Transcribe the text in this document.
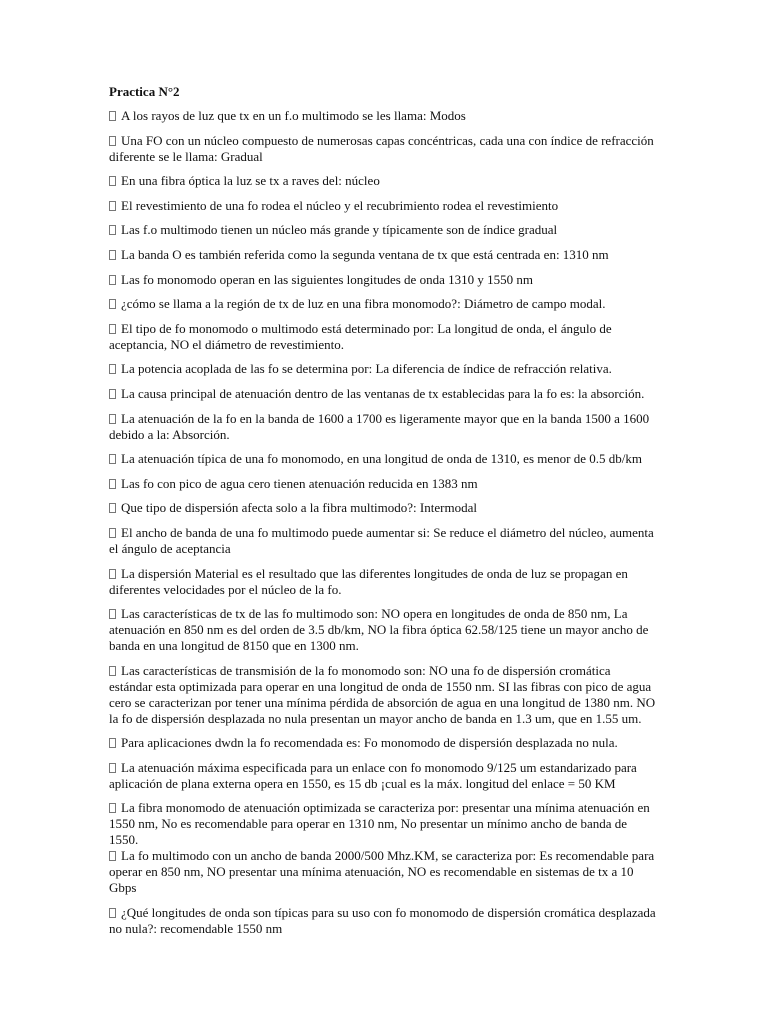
Practica N°2
A los rayos de luz que tx en un f.o multimodo se les llama: Modos
Una FO con un núcleo compuesto de numerosas capas concéntricas, cada una con índice de refracción diferente se le llama: Gradual
En una fibra óptica la luz se tx a raves del: núcleo
El revestimiento de una fo rodea el núcleo y el recubrimiento rodea el revestimiento
Las f.o multimodo tienen un núcleo más grande y típicamente son de índice gradual
La banda O es también referida como la segunda ventana de tx que está centrada en: 1310 nm
Las fo monomodo operan en las siguientes longitudes de onda 1310 y 1550 nm
¿cómo se llama a la región de tx de luz en una fibra monomodo?: Diámetro de campo modal.
El tipo de fo monomodo o multimodo está determinado por: La longitud de onda, el ángulo de aceptancia, NO el diámetro de revestimiento.
La potencia acoplada de las fo se determina por: La diferencia de índice de refracción relativa.
La causa principal de atenuación dentro de las ventanas de tx establecidas para la fo es: la absorción.
La atenuación de la fo en la banda de 1600 a 1700 es ligeramente mayor que en la banda 1500 a 1600 debido a la: Absorción.
La atenuación típica de una fo monomodo, en una longitud de onda de 1310, es menor de 0.5 db/km
Las fo con pico de agua cero tienen atenuación reducida en 1383 nm
Que tipo de dispersión afecta solo a la fibra multimodo?: Intermodal
El ancho de banda de una fo multimodo puede aumentar si: Se reduce el diámetro del núcleo, aumenta el ángulo de aceptancia
La dispersión Material es el resultado que las diferentes longitudes de onda de luz se propagan en diferentes velocidades por el núcleo de la fo.
Las características de tx de las fo multimodo son: NO opera en longitudes de onda de 850 nm, La atenuación en 850 nm es del orden de 3.5 db/km, NO la fibra óptica 62.58/125 tiene un mayor ancho de banda en una longitud de 8150 que en 1300 nm.
Las características de transmisión de la fo monomodo son: NO una fo de dispersión cromática estándar esta optimizada para operar en una longitud de onda de 1550 nm. SI las fibras con pico de agua cero se caracterizan por tener una mínima pérdida de absorción de agua en una longitud de 1380 nm. NO la fo de dispersión desplazada no nula presentan un mayor ancho de banda en 1.3 um, que en 1.55 um.
Para aplicaciones dwdn la fo recomendada es: Fo monomodo de dispersión desplazada no nula.
La atenuación máxima especificada para un enlace con fo monomodo 9/125 um estandarizado para aplicación de plana externa opera en 1550, es 15 db ¡cual es la máx. longitud del enlace = 50 KM
La fibra monomodo de atenuación optimizada se caracteriza por: presentar una mínima atenuación en 1550 nm, No es recomendable para operar en 1310 nm, No presentar un mínimo ancho de banda de 1550.
La fo multimodo con un ancho de banda 2000/500 Mhz.KM, se caracteriza por: Es recomendable para operar en 850 nm, NO presentar una mínima atenuación, NO es recomendable en sistemas de tx a 10 Gbps
¿Qué longitudes de onda son típicas para su uso con fo monomodo de dispersión cromática desplazada no nula?: recomendable 1550 nm
